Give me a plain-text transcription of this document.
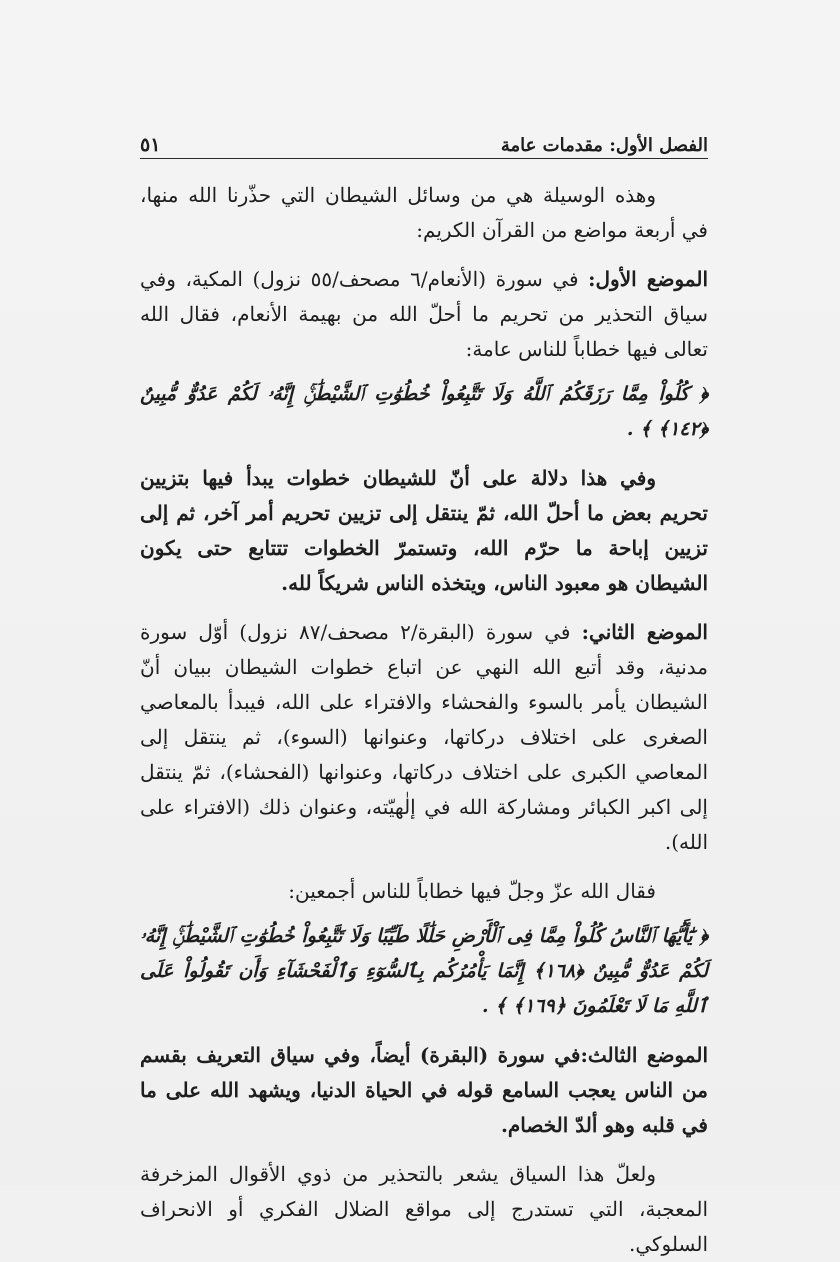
الفصل الأول: مقدمات عامة
٥١

وهذه الوسيلة هي من وسائل الشيطان التي حذّرنا الله منها، في أربعة مواضع من القرآن الكريم:

الموضع الأول: في سورة (الأنعام/٦ مصحف/٥٥ نزول) المكية، وفي سياق التحذير من تحريم ما أحلّ الله من بهيمة الأنعام، فقال الله تعالى فيها خطاباً للناس عامة:

﴿ كُلُواْ مِمَّا رَزَقَكُمُ ٱللَّهُ وَلَا تَتَّبِعُواْ خُطُوَٰتِ ٱلشَّيْطَٰنِۚ إِنَّهُۥ لَكُمْ عَدُوٌّ مُّبِينٌ ﴿١٤٢﴾ ﴾ .

وفي هذا دلالة على أنّ للشيطان خطوات يبدأ فيها بتزيين تحريم بعض ما أحلّ الله، ثمّ ينتقل إلى تزيين تحريم أمر آخر، ثم إلى تزيين إباحة ما حرّم الله، وتستمرّ الخطوات تتتابع حتى يكون الشيطان هو معبود الناس، ويتخذه الناس شريكاً لله.

الموضع الثاني: في سورة (البقرة/٢ مصحف/٨٧ نزول) أوّل سورة مدنية، وقد أتبع الله النهي عن اتباع خطوات الشيطان ببيان أنّ الشيطان يأمر بالسوء والفحشاء والافتراء على الله، فيبدأ بالمعاصي الصغرى على اختلاف دركاتها، وعنوانها (السوء)، ثم ينتقل إلى المعاصي الكبرى على اختلاف دركاتها، وعنوانها (الفحشاء)، ثمّ ينتقل إلى اكبر الكبائر ومشاركة الله في إلٰهيّته، وعنوان ذلك (الافتراء على الله).

فقال الله عزّ وجلّ فيها خطاباً للناس أجمعين:

﴿ يَٰٓأَيُّهَا ٱلنَّاسُ كُلُواْ مِمَّا فِى ٱلْأَرْضِ حَلَٰلًا طَيِّبًا وَلَا تَتَّبِعُواْ خُطُوَٰتِ ٱلشَّيْطَٰنِۚ إِنَّهُۥ لَكُمْ عَدُوٌّ مُّبِينٌ ﴿١٦٨﴾ إِنَّمَا يَأْمُرُكُم بِٱلسُّوٓءِ وَٱلْفَحْشَآءِ وَأَن تَقُولُواْ عَلَى ٱللَّهِ مَا لَا تَعْلَمُونَ ﴿١٦٩﴾ ﴾ .

الموضع الثالث:في سورة (البقرة) أيضاً، وفي سياق التعريف بقسم من الناس يعجب السامع قوله في الحياة الدنيا، ويشهد الله على ما في قلبه وهو ألدّ الخصام.

ولعلّ هذا السياق يشعر بالتحذير من ذوي الأقوال المزخرفة المعجبة، التي تستدرج إلى مواقع الضلال الفكري أو الانحراف السلوكي.
